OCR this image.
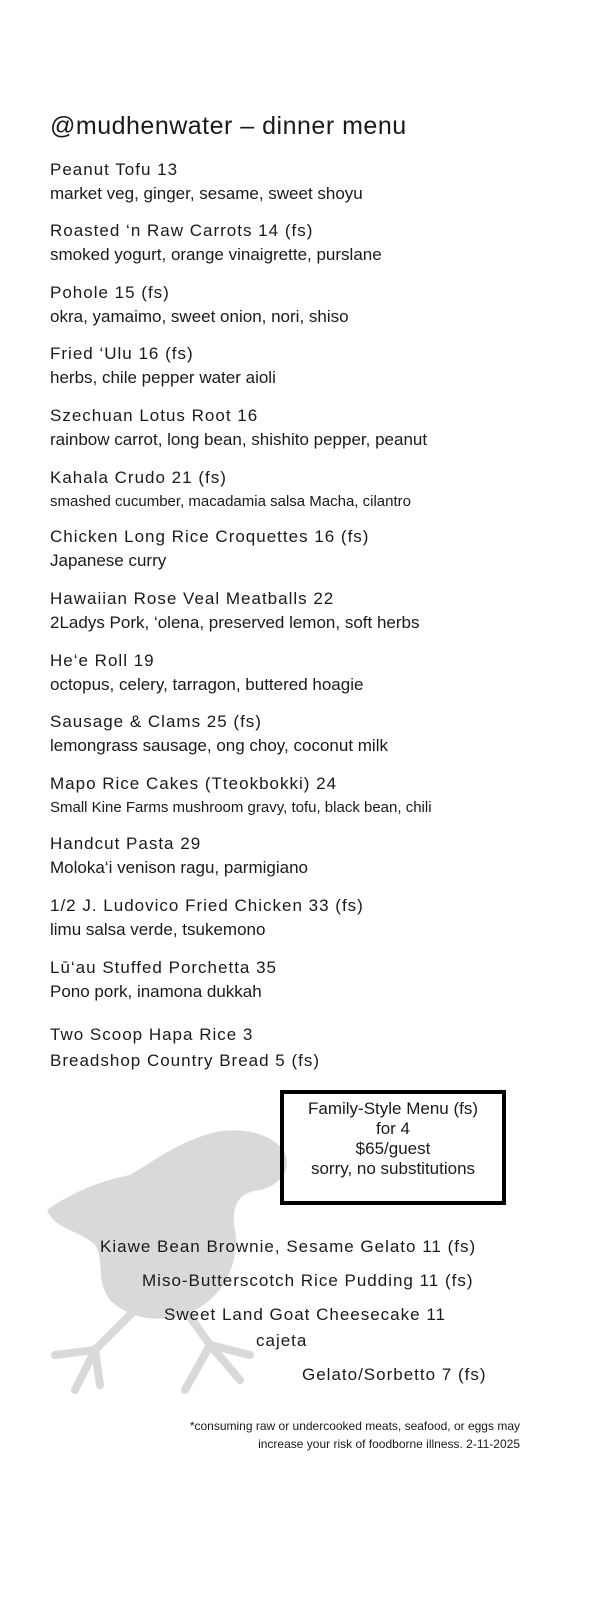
@mudhenwater – dinner menu
Peanut Tofu 13
market veg, ginger, sesame, sweet shoyu
Roasted ‘n Raw Carrots 14 (fs)
smoked yogurt, orange vinaigrette, purslane
Pohole 15 (fs)
okra, yamaimo, sweet onion, nori, shiso
Fried ‘Ulu 16 (fs)
herbs, chile pepper water aioli
Szechuan Lotus Root 16
rainbow carrot, long bean, shishito pepper, peanut
Kahala Crudo 21 (fs)
smashed cucumber, macadamia salsa Macha, cilantro
Chicken Long Rice Croquettes 16 (fs)
Japanese curry
Hawaiian Rose Veal Meatballs 22
2Ladys Pork, ‘olena, preserved lemon, soft herbs
He‘e Roll 19
octopus, celery, tarragon, buttered hoagie
Sausage & Clams 25 (fs)
lemongrass sausage, ong choy, coconut milk
Mapo Rice Cakes (Tteokbokki) 24
Small Kine Farms mushroom gravy, tofu, black bean, chili
Handcut Pasta 29
Moloka‘i venison ragu, parmigiano
1/2 J. Ludovico Fried Chicken 33 (fs)
limu salsa verde, tsukemono
Lū‘au Stuffed Porchetta 35
Pono pork, inamona dukkah
Two Scoop Hapa Rice 3
Breadshop Country Bread 5 (fs)
Family-Style Menu (fs)
for 4
$65/guest
sorry, no substitutions
Kiawe Bean Brownie, Sesame Gelato 11 (fs)
Miso-Butterscotch Rice Pudding 11 (fs)
Sweet Land Goat Cheesecake 11
cajeta
Gelato/Sorbetto 7 (fs)
*consuming raw or undercooked meats, seafood, or eggs may
increase your risk of foodborne illness. 2-11-2025
